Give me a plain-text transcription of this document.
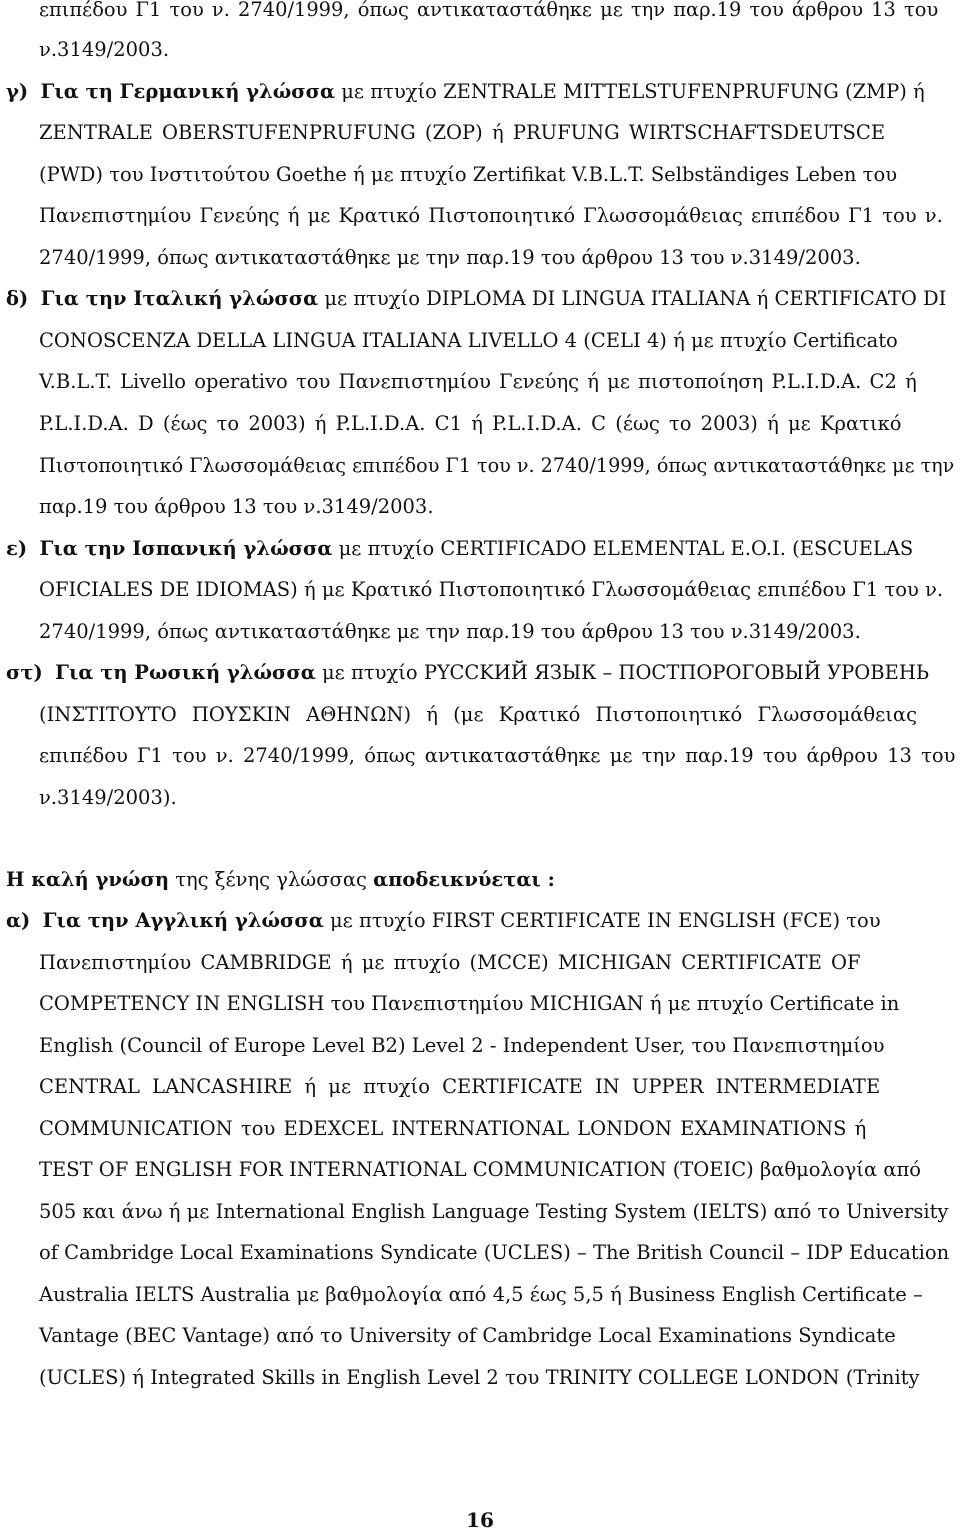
επιπέδου Γ1 του ν. 2740/1999, όπως αντικαταστάθηκε με την παρ.19 του άρθρου 13 του
ν.3149/2003.
γ) Για τη Γερμανική γλώσσα με πτυχίο ZENTRALE MITTELSTUFENPRUFUNG (ZMP) ή
ZENTRALE OBERSTUFENPRUFUNG (ZOP) ή PRUFUNG WIRTSCHAFTSDEUTSCE
(PWD) του Ινστιτούτου Goethe ή με πτυχίο Zertifikat V.B.L.T. Selbständiges Leben του
Πανεπιστημίου Γενεύης ή με Κρατικό Πιστοποιητικό Γλωσσομάθειας επιπέδου Γ1 του ν.
2740/1999, όπως αντικαταστάθηκε με την παρ.19 του άρθρου 13 του ν.3149/2003.
δ) Για την Ιταλική γλώσσα με πτυχίο DIPLOMA DI LINGUA ITALIANA ή CERTIFICATO DI
CONOSCENZA DELLA LINGUA ITALIANA LIVELLO 4 (CELI 4) ή με πτυχίο Certificato
V.B.L.T. Livello operativo του Πανεπιστημίου Γενεύης ή με πιστοποίηση P.L.I.D.A. C2 ή
P.L.I.D.A. D (έως το 2003) ή P.L.I.D.A. C1 ή P.L.I.D.A. C (έως το 2003) ή με Κρατικό
Πιστοποιητικό Γλωσσομάθειας επιπέδου Γ1 του ν. 2740/1999, όπως αντικαταστάθηκε με την
παρ.19 του άρθρου 13 του ν.3149/2003.
ε) Για την Ισπανική γλώσσα με πτυχίο CERTIFICADO ELEMENTAL E.O.I. (ESCUELAS
OFICIALES DE IDIOMAS) ή με Κρατικό Πιστοποιητικό Γλωσσομάθειας επιπέδου Γ1 του ν.
2740/1999, όπως αντικαταστάθηκε με την παρ.19 του άρθρου 13 του ν.3149/2003.
στ) Για τη Ρωσική γλώσσα με πτυχίο PYCCKИЙ ЯЗЫК – ПОСТПОРОГОВЫЙ УРОВЕНЬ
(ΙΝΣΤΙΤΟΥΤΟ ΠΟΥΣΚΙΝ ΑΘΗΝΩΝ) ή (με Κρατικό Πιστοποιητικό Γλωσσομάθειας
επιπέδου Γ1 του ν. 2740/1999, όπως αντικαταστάθηκε με την παρ.19 του άρθρου 13 του
ν.3149/2003).
Η καλή γνώση της ξένης γλώσσας αποδεικνύεται :
α) Για την Αγγλική γλώσσα με πτυχίο FIRST CERTIFICATE IN ENGLISH (FCE) του
Πανεπιστημίου CAMBRIDGE ή με πτυχίο (MCCE) MICHIGAN CERTIFICATE OF
COMPETENCY IN ENGLISH του Πανεπιστημίου MICHIGAN ή με πτυχίο Certificate in
English (Council of Europe Level B2) Level 2 - Independent User, του Πανεπιστημίου
CENTRAL LANCASHIRE ή με πτυχίο CERTIFICATE IN UPPER INTERMEDIATE
COMMUNICATION του EDEXCEL INTERNATIONAL LONDON EXAMINATIONS ή
TEST OF ENGLISH FOR INTERNATIONAL COMMUNICATION (TOEIC) βαθμολογία από
505 και άνω ή με International English Language Testing System (IELTS) από το University
of Cambridge Local Examinations Syndicate (UCLES) – The British Council – IDP Education
Australia IELTS Australia με βαθμολογία από 4,5 έως 5,5 ή Business English Certificate –
Vantage (BEC Vantage) από το University of Cambridge Local Examinations Syndicate
(UCLES) ή Integrated Skills in English Level 2 του TRINITY COLLEGE LONDON (Trinity
16
